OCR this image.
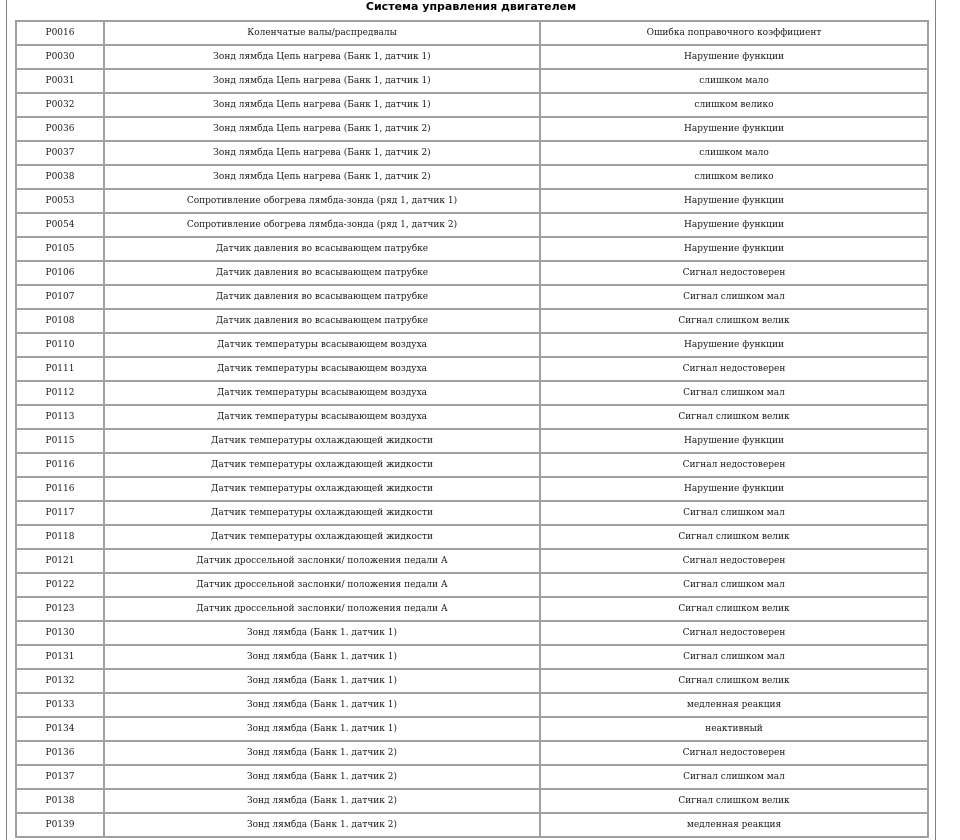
Система управления двигателем
P0016	Коленчатые валы/распредвалы	Ошибка поправочного коэффициент
P0030	Зонд лямбда Цепь нагрева (Банк 1, датчик 1)	Нарушение функции
P0031	Зонд лямбда Цепь нагрева (Банк 1, датчик 1)	слишком мало
P0032	Зонд лямбда Цепь нагрева (Банк 1, датчик 1)	слишком велико
P0036	Зонд лямбда Цепь нагрева (Банк 1, датчик 2)	Нарушение функции
P0037	Зонд лямбда Цепь нагрева (Банк 1, датчик 2)	слишком мало
P0038	Зонд лямбда Цепь нагрева (Банк 1, датчик 2)	слишком велико
P0053	Сопротивление обогрева лямбда-зонда (ряд 1, датчик 1)	Нарушение функции
P0054	Сопротивление обогрева лямбда-зонда (ряд 1, датчик 2)	Нарушение функции
P0105	Датчик давления во всасывающем патрубке	Нарушение функции
P0106	Датчик давления во всасывающем патрубке	Сигнал недостоверен
P0107	Датчик давления во всасывающем патрубке	Сигнал слишком мал
P0108	Датчик давления во всасывающем патрубке	Сигнал слишком велик
P0110	Датчик температуры всасывающем воздуха	Нарушение функции
P0111	Датчик температуры всасывающем воздуха	Сигнал недостоверен
P0112	Датчик температуры всасывающем воздуха	Сигнал слишком мал
P0113	Датчик температуры всасывающем воздуха	Сигнал слишком велик
P0115	Датчик температуры охлаждающей жидкости	Нарушение функции
P0116	Датчик температуры охлаждающей жидкости	Сигнал недостоверен
P0116	Датчик температуры охлаждающей жидкости	Нарушение функции
P0117	Датчик температуры охлаждающей жидкости	Сигнал слишком мал
P0118	Датчик температуры охлаждающей жидкости	Сигнал слишком велик
P0121	Датчик дроссельной заслонки/ положения педали А	Сигнал недостоверен
P0122	Датчик дроссельной заслонки/ положения педали А	Сигнал слишком мал
P0123	Датчик дроссельной заслонки/ положения педали А	Сигнал слишком велик
P0130	Зонд лямбда (Банк 1. датчик 1)	Сигнал недостоверен
P0131	Зонд лямбда (Банк 1. датчик 1)	Сигнал слишком мал
P0132	Зонд лямбда (Банк 1. датчик 1)	Сигнал слишком велик
P0133	Зонд лямбда (Банк 1. датчик 1)	медленная реакция
P0134	Зонд лямбда (Банк 1. датчик 1)	неактивный
P0136	Зонд лямбда (Банк 1. датчик 2)	Сигнал недостоверен
P0137	Зонд лямбда (Банк 1. датчик 2)	Сигнал слишком мал
P0138	Зонд лямбда (Банк 1. датчик 2)	Сигнал слишком велик
P0139	Зонд лямбда (Банк 1. датчик 2)	медленная реакция
